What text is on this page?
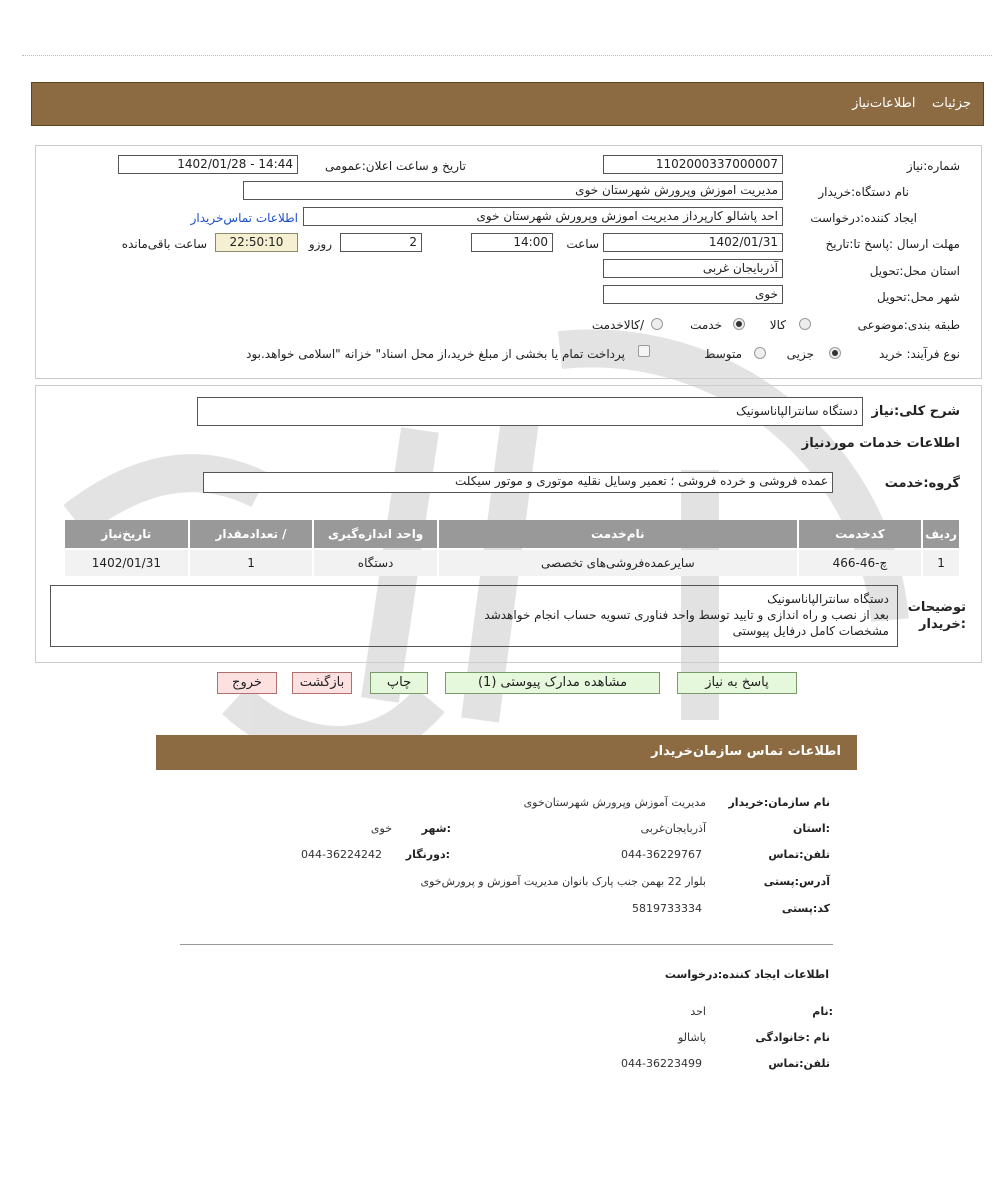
جزئیات    اطلاعات‌نیاز
شماره:نیاز
1102000337000007
تاریخ و ساعت اعلان:عمومی
1402/01/28 - 14:44
نام دستگاه:خریدار
مدیریت اموزش وپرورش شهرستان خوی
ایجاد کننده:درخواست
احد پاشالو کارپرداز مدیریت اموزش وپرورش شهرستان خوی
اطلاعات تماس‌خریدار
مهلت ارسال :پاسخ تا:تاریخ
1402/01/31
ساعت
14:00
2
روزو
22:50:10
ساعت باقی‌مانده
استان محل:تحویل
آذربایجان غربی
شهر محل:تحویل
خوی
طبقه بندی:موضوعی
کالا
خدمت
/کالاخدمت
نوع فرآیند: خرید
جزیی
متوسط
پرداخت تمام یا بخشی از مبلغ خرید،از محل اسناد" خزانه "اسلامی خواهد.بود
شرح کلی:نیاز
دستگاه سانترالپاناسونیک
اطلاعات خدمات موردنیاز
گروه:خدمت
عمده فروشی و خرده فروشی ؛ تعمیر وسایل نقلیه موتوری و موتور سیکلت
ردیف	کدخدمت	نام‌خدمت	واحد اندازه‌گیری	/ تعدادمقدار	تاریخ‌نیاز
1	چ-46-466	سایرعمده‌فروشی‌های تخصصی	دستگاه	1	1402/01/31
توضیحات
:خریدار
دستگاه سانترالپاناسونیک
بعد از نصب و راه اندازی و تایید توسط واحد فناوری تسویه حساب انجام خواهدشد
مشخصات کامل درفایل پیوستی
پاسخ به نیاز
مشاهده مدارک پیوستی (1)
چاپ
بازگشت
خروج
اطلاعات تماس سازمان‌خریدار
نام سازمان:خریدار
مدیریت آموزش وپرورش شهرستان‌خوی
:استان
آذربایجان‌غربی
:شهر
خوی
تلفن:تماس
044-36229767
:دورنگار
044-36224242
آدرس:پستی
بلوار 22 بهمن جنب پارک بانوان مدیریت آموزش و پرورش‌خوی
کد:پستی
5819733334
اطلاعات ایجاد کننده:درخواست
:نام
احد
نام :خانوادگی
پاشالو
تلفن:تماس
044-36223499
